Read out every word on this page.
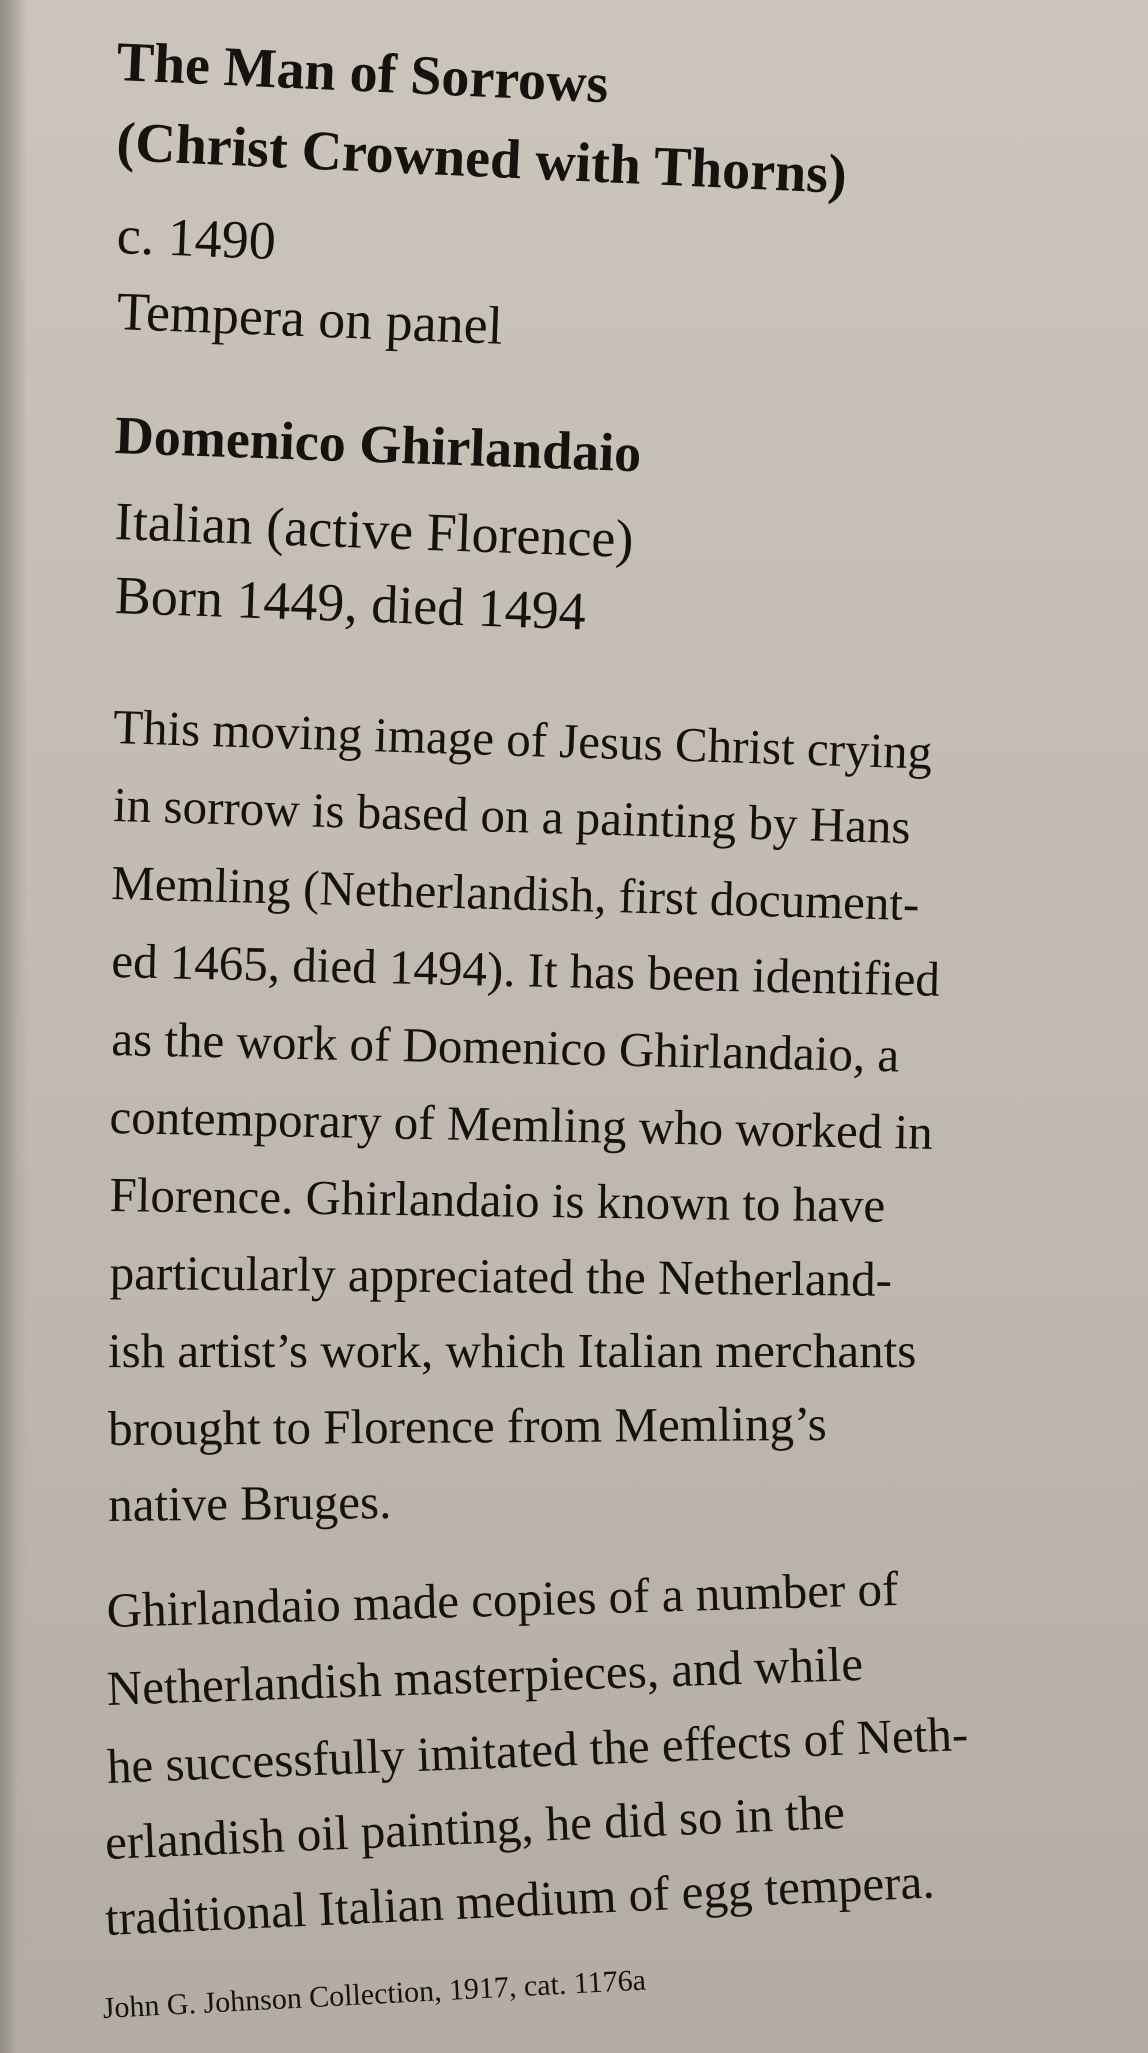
The Man of Sorrows

(Christ Crowned with Thorns)

c. 1490

Tempera on panel

Domenico Ghirlandaio

Italian (active Florence)

Born 1449, died 1494

This moving image of Jesus Christ crying

in sorrow is based on a painting by Hans

Memling (Netherlandish, first document-

ed 1465, died 1494). It has been identified

as the work of Domenico Ghirlandaio, a

contemporary of Memling who worked in

Florence. Ghirlandaio is known to have

particularly appreciated the Netherland-

ish artist’s work, which Italian merchants

brought to Florence from Memling’s

native Bruges.

Ghirlandaio made copies of a number of

Netherlandish masterpieces, and while

he successfully imitated the effects of Neth-

erlandish oil painting, he did so in the

traditional Italian medium of egg tempera.

John G. Johnson Collection, 1917, cat. 1176a
